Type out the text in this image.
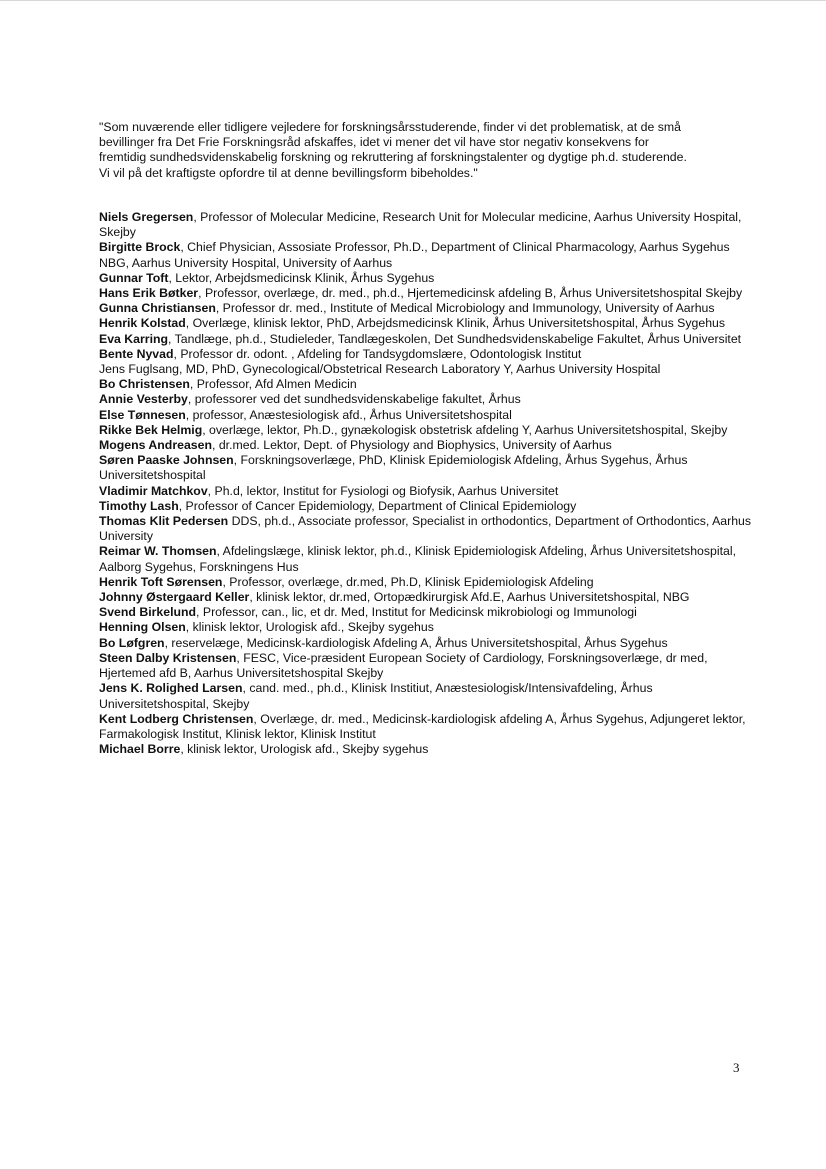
"Som nuværende eller tidligere vejledere for forskningsårsstuderende, finder vi det problematisk, at de små
bevillinger fra Det Frie Forskningsråd afskaffes, idet vi mener det vil have stor negativ konsekvens for
fremtidig sundhedsvidenskabelig forskning og rekruttering af forskningstalenter og dygtige ph.d. studerende.
Vi vil på det kraftigste opfordre til at denne bevillingsform bibeholdes."

Niels Gregersen, Professor of Molecular Medicine, Research Unit for Molecular medicine, Aarhus University Hospital, Skejby

Birgitte Brock, Chief Physician, Assosiate Professor, Ph.D., Department of Clinical Pharmacology, Aarhus Sygehus NBG, Aarhus University Hospital, University of Aarhus

Gunnar Toft, Lektor, Arbejdsmedicinsk Klinik, Århus Sygehus

Hans Erik Bøtker, Professor, overlæge, dr. med., ph.d., Hjertemedicinsk afdeling B, Århus Universitetshospital Skejby

Gunna Christiansen, Professor dr. med., Institute of Medical Microbiology and Immunology, University of Aarhus

Henrik Kolstad, Overlæge, klinisk lektor, PhD, Arbejdsmedicinsk Klinik, Århus Universitetshospital, Århus Sygehus

Eva Karring, Tandlæge, ph.d., Studieleder, Tandlægeskolen, Det Sundhedsvidenskabelige Fakultet, Århus Universitet

Bente Nyvad, Professor dr. odont. , Afdeling for Tandsygdomslære, Odontologisk Institut

Jens Fuglsang, MD, PhD, Gynecological/Obstetrical Research Laboratory Y, Aarhus University Hospital

Bo Christensen, Professor, Afd Almen Medicin

Annie Vesterby, professorer ved det sundhedsvidenskabelige fakultet, Århus

Else Tønnesen, professor, Anæstesiologisk afd., Århus Universitetshospital

Rikke Bek Helmig, overlæge, lektor, Ph.D., gynækologisk obstetrisk afdeling Y, Aarhus Universitetshospital, Skejby

Mogens Andreasen, dr.med. Lektor, Dept. of Physiology and Biophysics, University of Aarhus

Søren Paaske Johnsen, Forskningsoverlæge, PhD, Klinisk Epidemiologisk Afdeling, Århus Sygehus, Århus Universitetshospital

Vladimir Matchkov, Ph.d, lektor, Institut for Fysiologi og Biofysik, Aarhus Universitet

Timothy Lash, Professor of Cancer Epidemiology, Department of Clinical Epidemiology

Thomas Klit Pedersen DDS, ph.d., Associate professor, Specialist in orthodontics, Department of Orthodontics, Aarhus University

Reimar W. Thomsen, Afdelingslæge, klinisk lektor, ph.d., Klinisk Epidemiologisk Afdeling, Århus Universitetshospital, Aalborg Sygehus, Forskningens Hus

Henrik Toft Sørensen, Professor, overlæge, dr.med, Ph.D, Klinisk Epidemiologisk Afdeling

Johnny Østergaard Keller, klinisk lektor, dr.med, Ortopædkirurgisk Afd.E, Aarhus Universitetshospital, NBG

Svend Birkelund, Professor, can., lic, et dr. Med, Institut for Medicinsk mikrobiologi og Immunologi

Henning Olsen, klinisk lektor, Urologisk afd., Skejby sygehus

Bo Løfgren, reservelæge, Medicinsk-kardiologisk Afdeling A, Århus Universitetshospital, Århus Sygehus

Steen Dalby Kristensen, FESC, Vice-præsident European Society of Cardiology, Forskningsoverlæge, dr med, Hjertemed afd B, Aarhus Universitetshospital Skejby

Jens K. Rolighed Larsen, cand. med., ph.d., Klinisk Institiut, Anæstesiologisk/Intensivafdeling, Århus Universitetshospital, Skejby

Kent Lodberg Christensen, Overlæge, dr. med., Medicinsk-kardiologisk afdeling A, Århus Sygehus, Adjungeret lektor, Farmakologisk Institut, Klinisk lektor, Klinisk Institut

Michael Borre, klinisk lektor, Urologisk afd., Skejby sygehus

3
